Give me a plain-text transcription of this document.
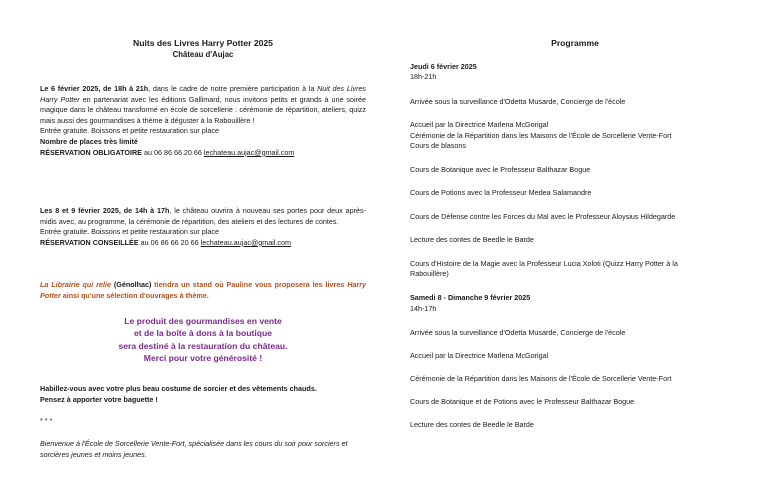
Nuits des Livres Harry Potter 2025
Château d'Aujac
Le 6 février 2025, de 18h à 21h, dans le cadre de notre première participation à la Nuit des Livres Harry Potter en partenariat avec les éditions Gallimard, nous invitons petits et grands à une soirée magique dans le château transformé en école de sorcellerie : cérémonie de répartition, ateliers, quizz mais aussi des gourmandises à thème à déguster à la Rabouillère !
Entrée gratuite. Boissons et petite restauration sur place
Nombre de places très limité
RÉSERVATION OBLIGATOIRE au 06 86 66 20 66 lechateau.aujac@gmail.com
Les 8 et 9 février 2025, de 14h à 17h, le château ouvrira à nouveau ses portes pour deux après-midis avec, au programme, la cérémonie de répartition, des ateliers et des lectures de contes.
Entrée gratuite. Boissons et petite restauration sur place
RÉSERVATION CONSEILLÉE au 06 86 66 20 66 lechateau.aujac@gmail.com
La Librairie qui relie (Génolhac) tiendra un stand où Pauline vous proposera les livres Harry Potter ainsi qu'une sélection d'ouvrages à thème.
Le produit des gourmandises en vente
et de la boîte à dons à la boutique
sera destiné à la restauration du château.
Merci pour votre générosité !
Habillez-vous avec votre plus beau costume de sorcier et des vêtements chauds.
Pensez à apporter votre baguette !
* * *
Bienvenue à l'École de Sorcellerie Vente-Fort, spécialisée dans les cours du soir pour sorciers et sorcières jeunes et moins jeunes.
Programme
Jeudi 6 février 2025
18h-21h
Arrivée sous la surveillance d'Odetta Musarde, Concierge de l'école
Accueil par la Directrice Marlena McGorigal
Cérémonie de la Répartition dans les Maisons de l'École de Sorcellerie Vente-Fort
Cours de blasons
Cours de Botanique avec le Professeur Balthazar Bogue
Cours de Potions avec la Professeur Medea Salamandre
Cours de Défense contre les Forces du Mal avec le Professeur Aloysius Hildegarde
Lecture des contes de Beedle le Barde
Cours d'Histoire de la Magie avec la Professeur Lucia Xoloti (Quizz Harry Potter à la
Rabouillère)
Samedi 8 - Dimanche 9 février 2025
14h-17h
Arrivée sous la surveillance d'Odetta Musarde, Concierge de l'école
Accueil par la Directrice Marlena McGorigal
Cérémonie de la Répartition dans les Maisons de l'École de Sorcellerie Vente-Fort
Cours de Botanique et de Potions avec le Professeur Balthazar Bogue
Lecture des contes de Beedle le Barde
